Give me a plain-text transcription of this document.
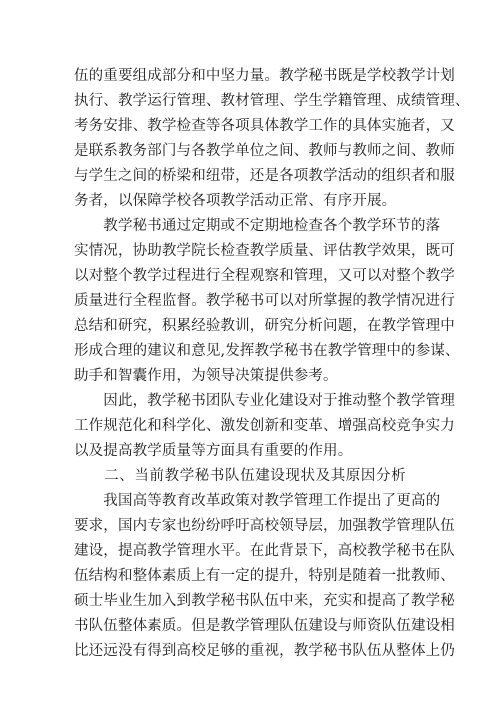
伍的重要组成部分和中坚力量。教学秘书既是学校教学计划
执行、教学运行管理、教材管理、学生学籍管理、成绩管理、
考务安排、教学检查等各项具体教学工作的具体实施者，又
是联系教务部门与各教学单位之间、教师与教师之间、教师
与学生之间的桥梁和纽带，还是各项教学活动的组织者和服
务者，以保障学校各项教学活动正常、有序开展。
　　教学秘书通过定期或不定期地检查各个教学环节的落
实情况，协助教学院长检查教学质量、评估教学效果，既可
以对整个教学过程进行全程观察和管理，又可以对整个教学
质量进行全程监督。教学秘书可以对所掌握的教学情况进行
总结和研究，积累经验教训，研究分析问题，在教学管理中
形成合理的建议和意见,发挥教学秘书在教学管理中的参谋、
助手和智囊作用，为领导决策提供参考。
　　因此，教学秘书团队专业化建设对于推动整个教学管理
工作规范化和科学化、激发创新和变革、增强高校竞争实力
以及提高教学质量等方面具有重要的作用。
　　二、当前教学秘书队伍建设现状及其原因分析
　　我国高等教育改革政策对教学管理工作提出了更高的
要求，国内专家也纷纷呼吁高校领导层，加强教学管理队伍
建设，提高教学管理水平。在此背景下，高校教学秘书在队
伍结构和整体素质上有一定的提升，特别是随着一批教师、
硕士毕业生加入到教学秘书队伍中来，充实和提高了教学秘
书队伍整体素质。但是教学管理队伍建设与师资队伍建设相
比还远没有得到高校足够的重视，教学秘书队伍从整体上仍
